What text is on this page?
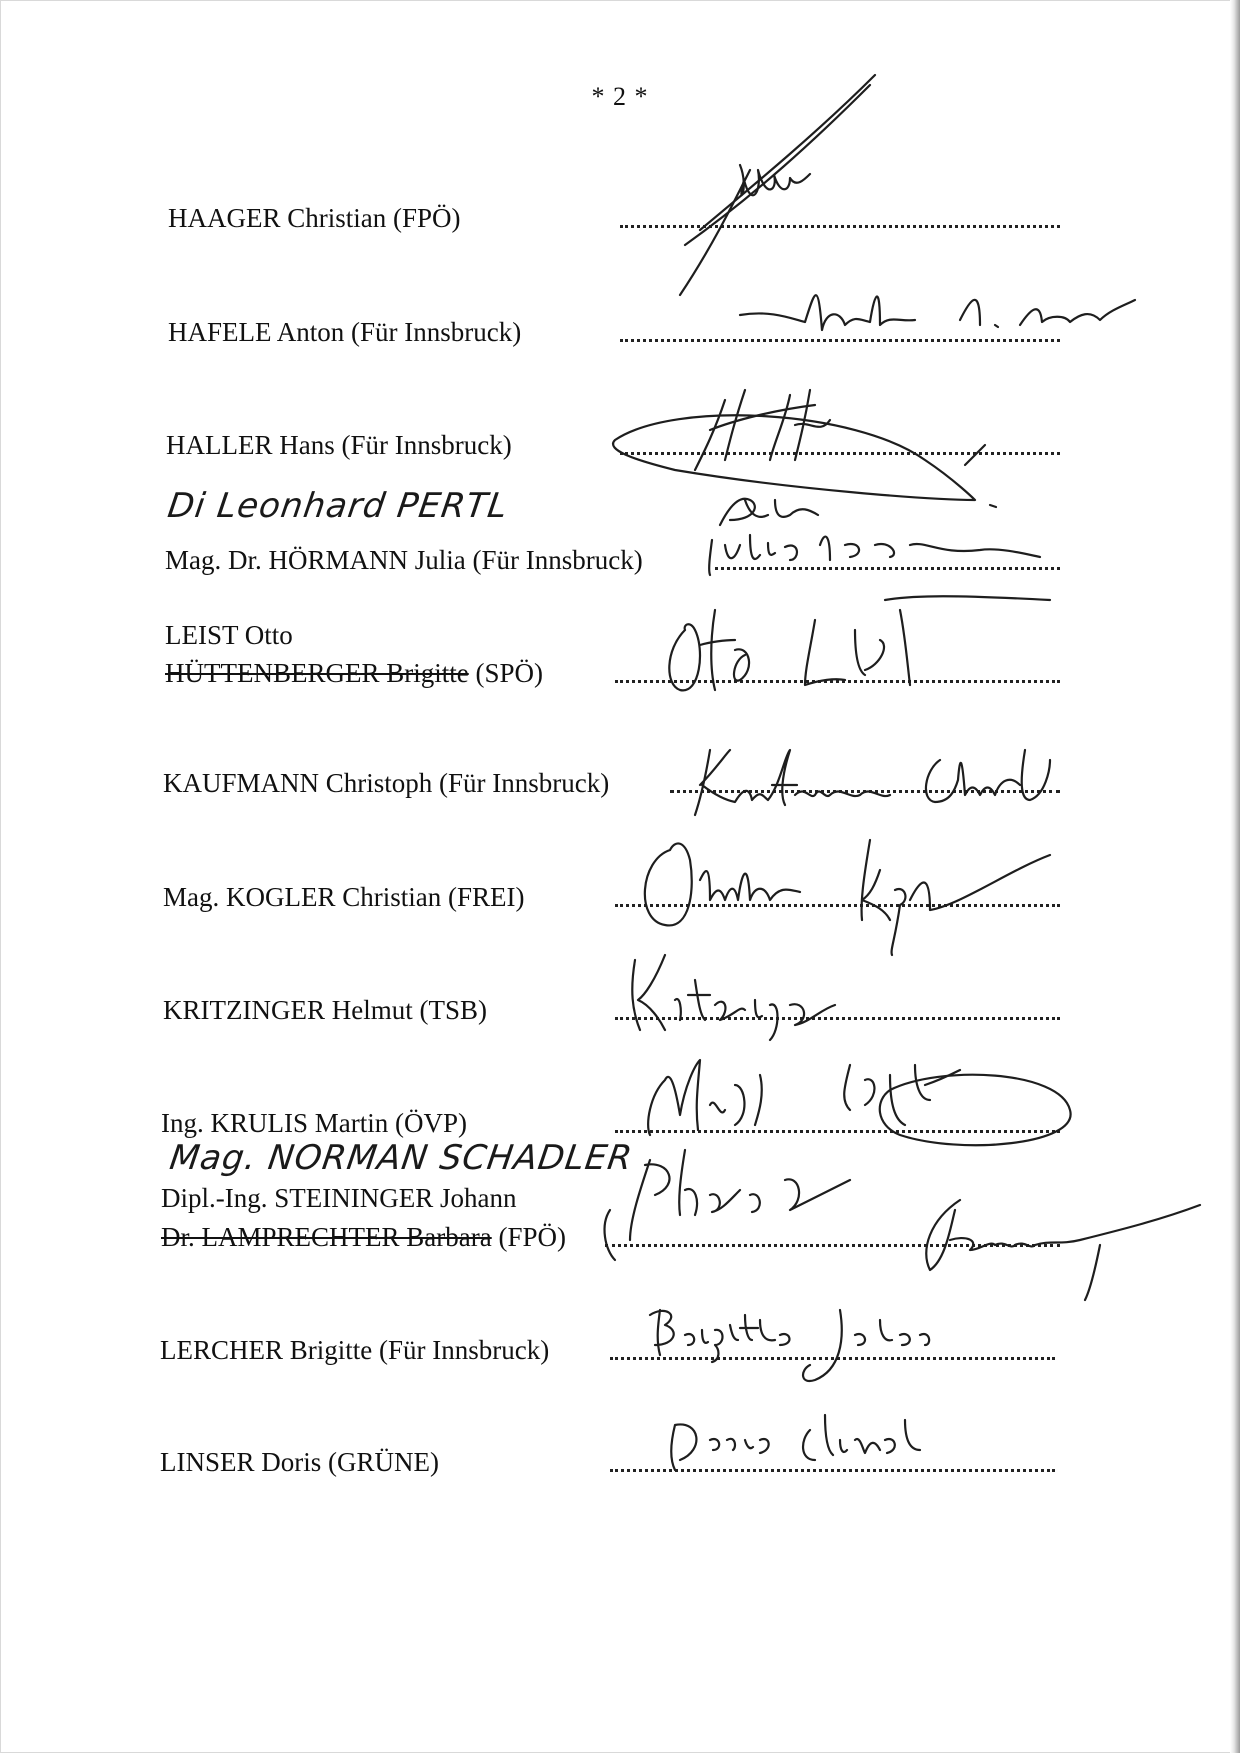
* 2 *
HAAGER Christian (FPÖ)
HAFELE Anton (Für Innsbruck)
HALLER Hans (Für Innsbruck)
Di Leonhard PERTL
Mag. Dr. HÖRMANN Julia (Für Innsbruck)
LEIST Otto
HÜTTENBERGER Brigitte (SPÖ)
KAUFMANN Christoph (Für Innsbruck)
Mag. KOGLER Christian (FREI)
KRITZINGER Helmut (TSB)
Ing. KRULIS Martin (ÖVP)
Mag. NORMAN SCHADLER
Dipl.-Ing. STEININGER Johann
Dr. LAMPRECHTER Barbara (FPÖ)
LERCHER Brigitte (Für Innsbruck)
LINSER Doris (GRÜNE)
